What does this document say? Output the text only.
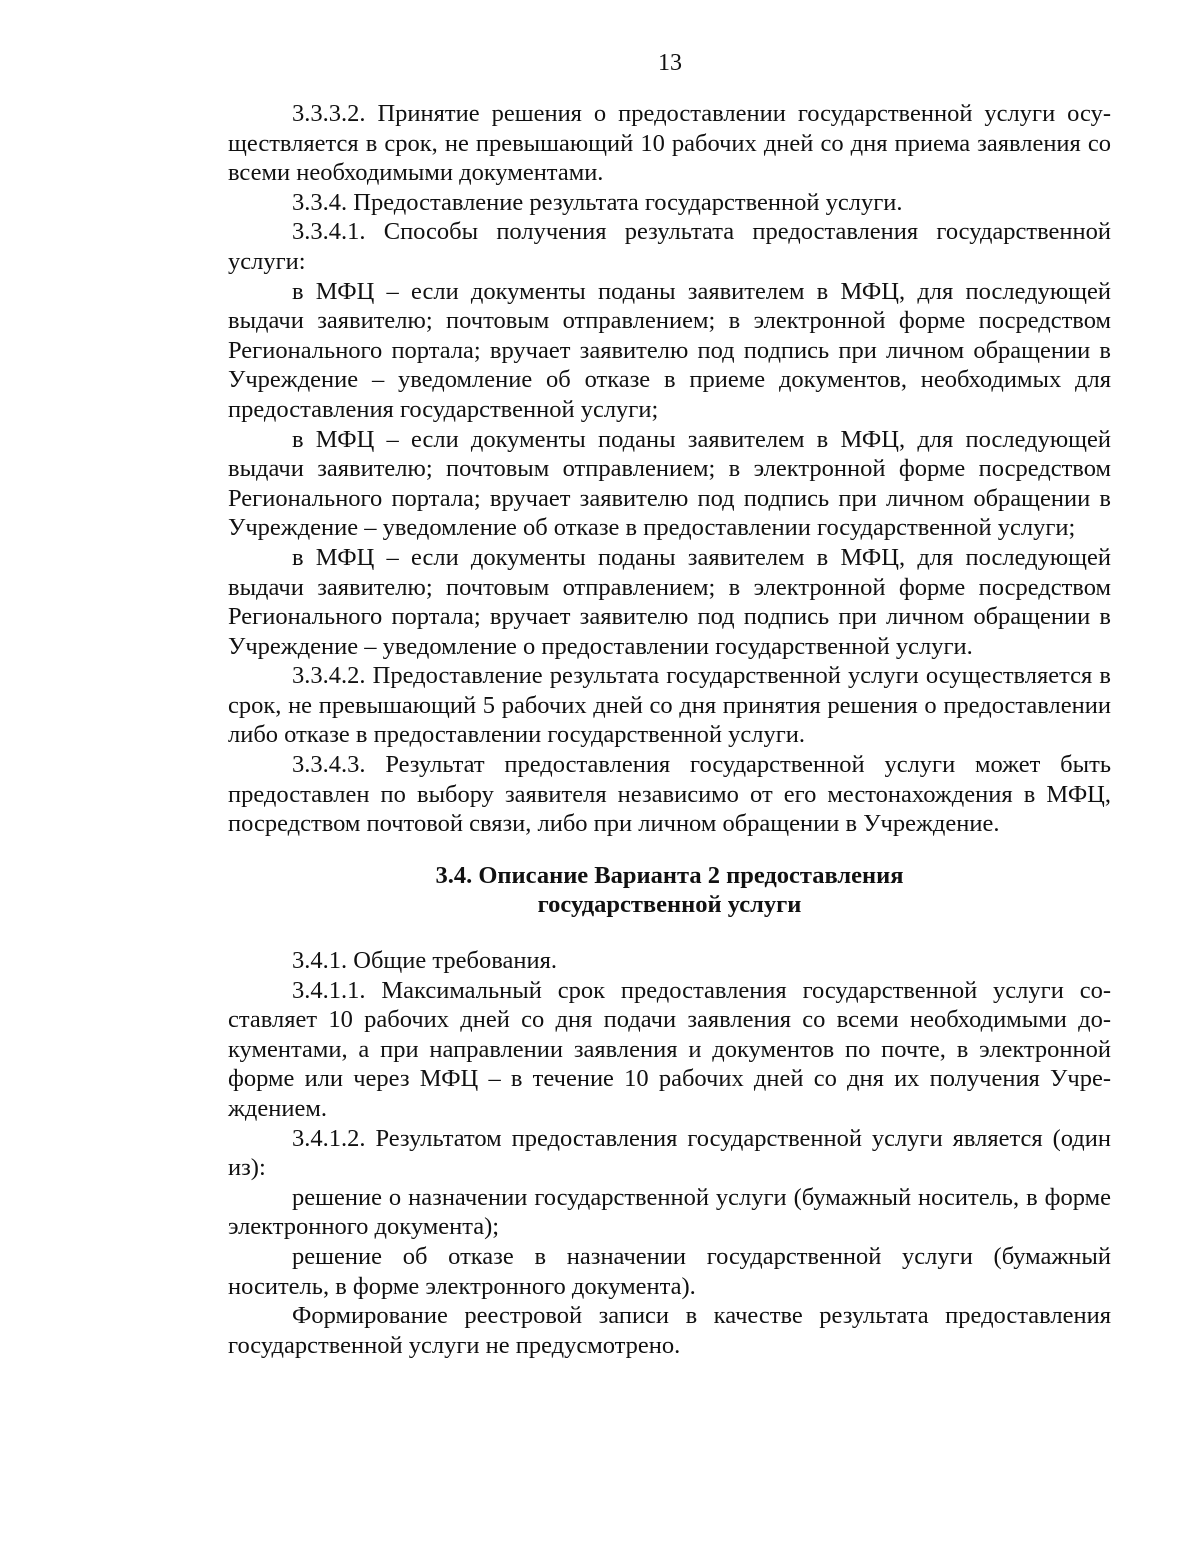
13

3.3.3.2. Принятие решения о предоставлении государственной услуги осуществляется в срок, не превышающий 10 рабочих дней со дня приема заявления со всеми необходимыми документами.

3.3.4. Предоставление результата государственной услуги.

3.3.4.1. Способы получения результата предоставления государственной услуги:

в МФЦ – если документы поданы заявителем в МФЦ, для последующей выдачи заявителю; почтовым отправлением; в электронной форме посредством Регионального портала; вручает заявителю под подпись при личном обращении в Учреждение – уведомление об отказе в приеме документов, необходимых для предоставления государственной услуги;

в МФЦ – если документы поданы заявителем в МФЦ, для последующей выдачи заявителю; почтовым отправлением; в электронной форме посредством Регионального портала; вручает заявителю под подпись при личном обращении в Учреждение – уведомление об отказе в предоставлении государственной услуги;

в МФЦ – если документы поданы заявителем в МФЦ, для последующей выдачи заявителю; почтовым отправлением; в электронной форме посредством Регионального портала; вручает заявителю под подпись при личном обращении в Учреждение – уведомление о предоставлении государственной услуги.

3.3.4.2. Предоставление результата государственной услуги осуществляется в срок, не превышающий 5 рабочих дней со дня принятия решения о предоставлении либо отказе в предоставлении государственной услуги.

3.3.4.3. Результат предоставления государственной услуги может быть предоставлен по выбору заявителя независимо от его местонахождения в МФЦ, посредством почтовой связи, либо при личном обращении в Учреждение.

3.4. Описание Варианта 2 предоставления
государственной услуги

3.4.1. Общие требования.

3.4.1.1. Максимальный срок предоставления государственной услуги составляет 10 рабочих дней со дня подачи заявления со всеми необходимыми документами, а при направлении заявления и документов по почте, в электронной форме или через МФЦ – в течение 10 рабочих дней со дня их получения Учреждением.

3.4.1.2. Результатом предоставления государственной услуги является (один из):

решение о назначении государственной услуги (бумажный носитель, в форме электронного документа);

решение об отказе в назначении государственной услуги (бумажный носитель, в форме электронного документа).

Формирование реестровой записи в качестве результата предоставления государственной услуги не предусмотрено.
